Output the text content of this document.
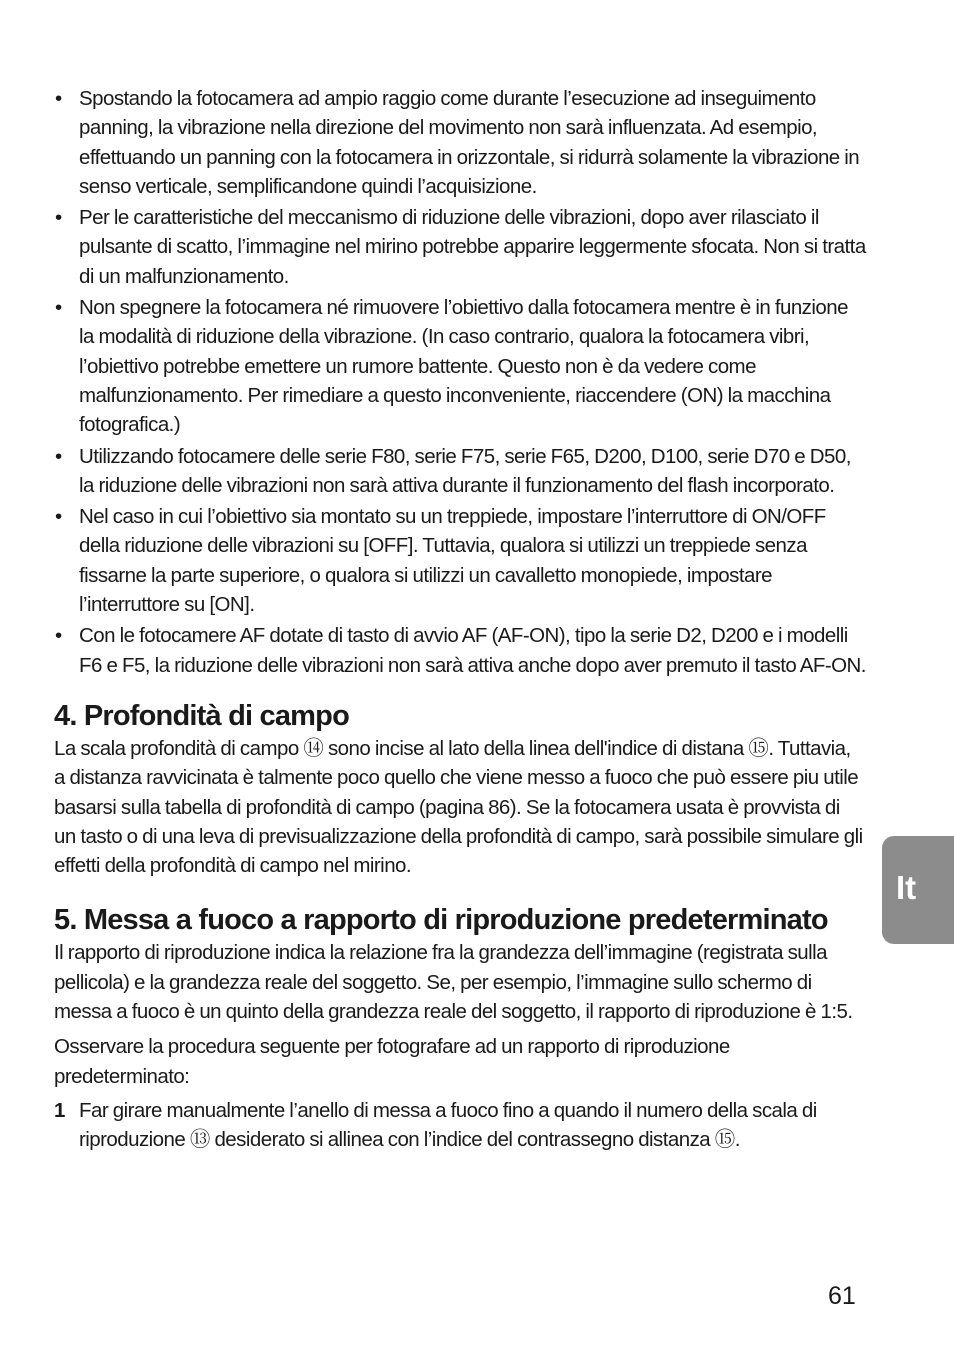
• Spostando la fotocamera ad ampio raggio come durante l’esecuzione ad inseguimento panning, la vibrazione nella direzione del movimento non sarà influenzata. Ad esempio, effettuando un panning con la fotocamera in orizzontale, si ridurrà solamente la vibrazione in senso verticale, semplificandone quindi l’acquisizione.
• Per le caratteristiche del meccanismo di riduzione delle vibrazioni, dopo aver rilasciato il pulsante di scatto, l’immagine nel mirino potrebbe apparire leggermente sfocata. Non si tratta di un malfunzionamento.
• Non spegnere la fotocamera né rimuovere l’obiettivo dalla fotocamera mentre è in funzione la modalità di riduzione della vibrazione. (In caso contrario, qualora la fotocamera vibri, l’obiettivo potrebbe emettere un rumore battente. Questo non è da vedere come malfunzionamento. Per rimediare a questo inconveniente, riaccendere (ON) la macchina fotografica.)
• Utilizzando fotocamere delle serie F80, serie F75, serie F65, D200, D100, serie D70 e D50, la riduzione delle vibrazioni non sarà attiva durante il funzionamento del flash incorporato.
• Nel caso in cui l’obiettivo sia montato su un treppiede, impostare l’interruttore di ON/OFF della riduzione delle vibrazioni su [OFF]. Tuttavia, qualora si utilizzi un treppiede senza fissarne la parte superiore, o qualora si utilizzi un cavalletto monopiede, impostare l’interruttore su [ON].
• Con le fotocamere AF dotate di tasto di avvio AF (AF-ON), tipo la serie D2, D200 e i modelli F6 e F5, la riduzione delle vibrazioni non sarà attiva anche dopo aver premuto il tasto AF-ON.
4. Profondità di campo

La scala profondità di campo ⑭ sono incise al lato della linea dell'indice di distana ⑮. Tuttavia, a distanza ravvicinata è talmente poco quello che viene messo a fuoco che può essere piu utile basarsi sulla tabella di profondità di campo (pagina 86). Se la fotocamera usata è provvista di un tasto o di una leva di previsualizzazione della profondità di campo, sarà possibile simulare gli effetti della profondità di campo nel mirino.

5. Messa a fuoco a rapporto di riproduzione predeterminato

Il rapporto di riproduzione indica la relazione fra la grandezza dell’immagine (registrata sulla pellicola) e la grandezza reale del soggetto. Se, per esempio, l’immagine sullo schermo di messa a fuoco è un quinto della grandezza reale del soggetto, il rapporto di riproduzione è 1:5.

Osservare la procedura seguente per fotografare ad un rapporto di riproduzione predeterminato:

1 Far girare manualmente l’anello di messa a fuoco fino a quando il numero della scala di riproduzione ⑬ desiderato si allinea con l’indice del contrassegno distanza ⑮.
It
61
